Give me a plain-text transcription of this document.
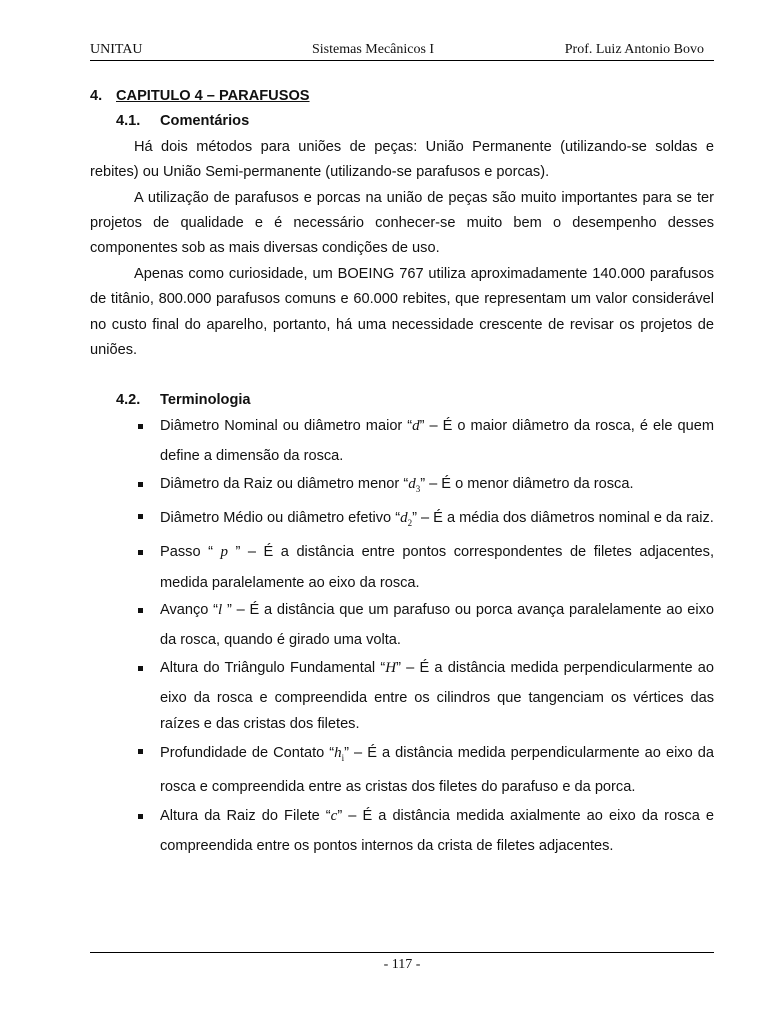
UNITAU	Sistemas Mecânicos I	Prof. Luiz Antonio Bovo

4. CAPITULO 4 – PARAFUSOS

4.1. Comentários

Há dois métodos para uniões de peças: União Permanente (utilizando-se soldas e rebites) ou União Semi-permanente (utilizando-se parafusos e porcas).

A utilização de parafusos e porcas na união de peças são muito importantes para se ter projetos de qualidade e é necessário conhecer-se muito bem o desempenho desses componentes sob as mais diversas condições de uso.

Apenas como curiosidade, um BOEING 767 utiliza aproximadamente 140.000 parafusos de titânio, 800.000 parafusos comuns e 60.000 rebites, que representam um valor considerável no custo final do aparelho, portanto, há uma necessidade crescente de revisar os projetos de uniões.

4.2. Terminologia

Diâmetro Nominal ou diâmetro maior “d” – É o maior diâmetro da rosca, é ele quem define a dimensão da rosca.
Diâmetro da Raiz ou diâmetro menor “$d_3$” – É o menor diâmetro da rosca.
Diâmetro Médio ou diâmetro efetivo “$d_2$” – É a média dos diâmetros nominal e da raiz.
Passo “ p ” – É a distância entre pontos correspondentes de filetes adjacentes, medida paralelamente ao eixo da rosca.
Avanço “l ” – É a distância que um parafuso ou porca avança paralelamente ao eixo da rosca, quando é girado uma volta.
Altura do Triângulo Fundamental “H” – É a distância medida perpendicularmente ao eixo da rosca e compreendida entre os cilindros que tangenciam os vértices das raízes e das cristas dos filetes.
Profundidade de Contato “$h_i$” – É a distância medida perpendicularmente ao eixo da rosca e compreendida entre as cristas dos filetes do parafuso e da porca.
Altura da Raiz do Filete “c” – É a distância medida axialmente ao eixo da rosca e compreendida entre os pontos internos da crista de filetes adjacentes.
- 117 -
